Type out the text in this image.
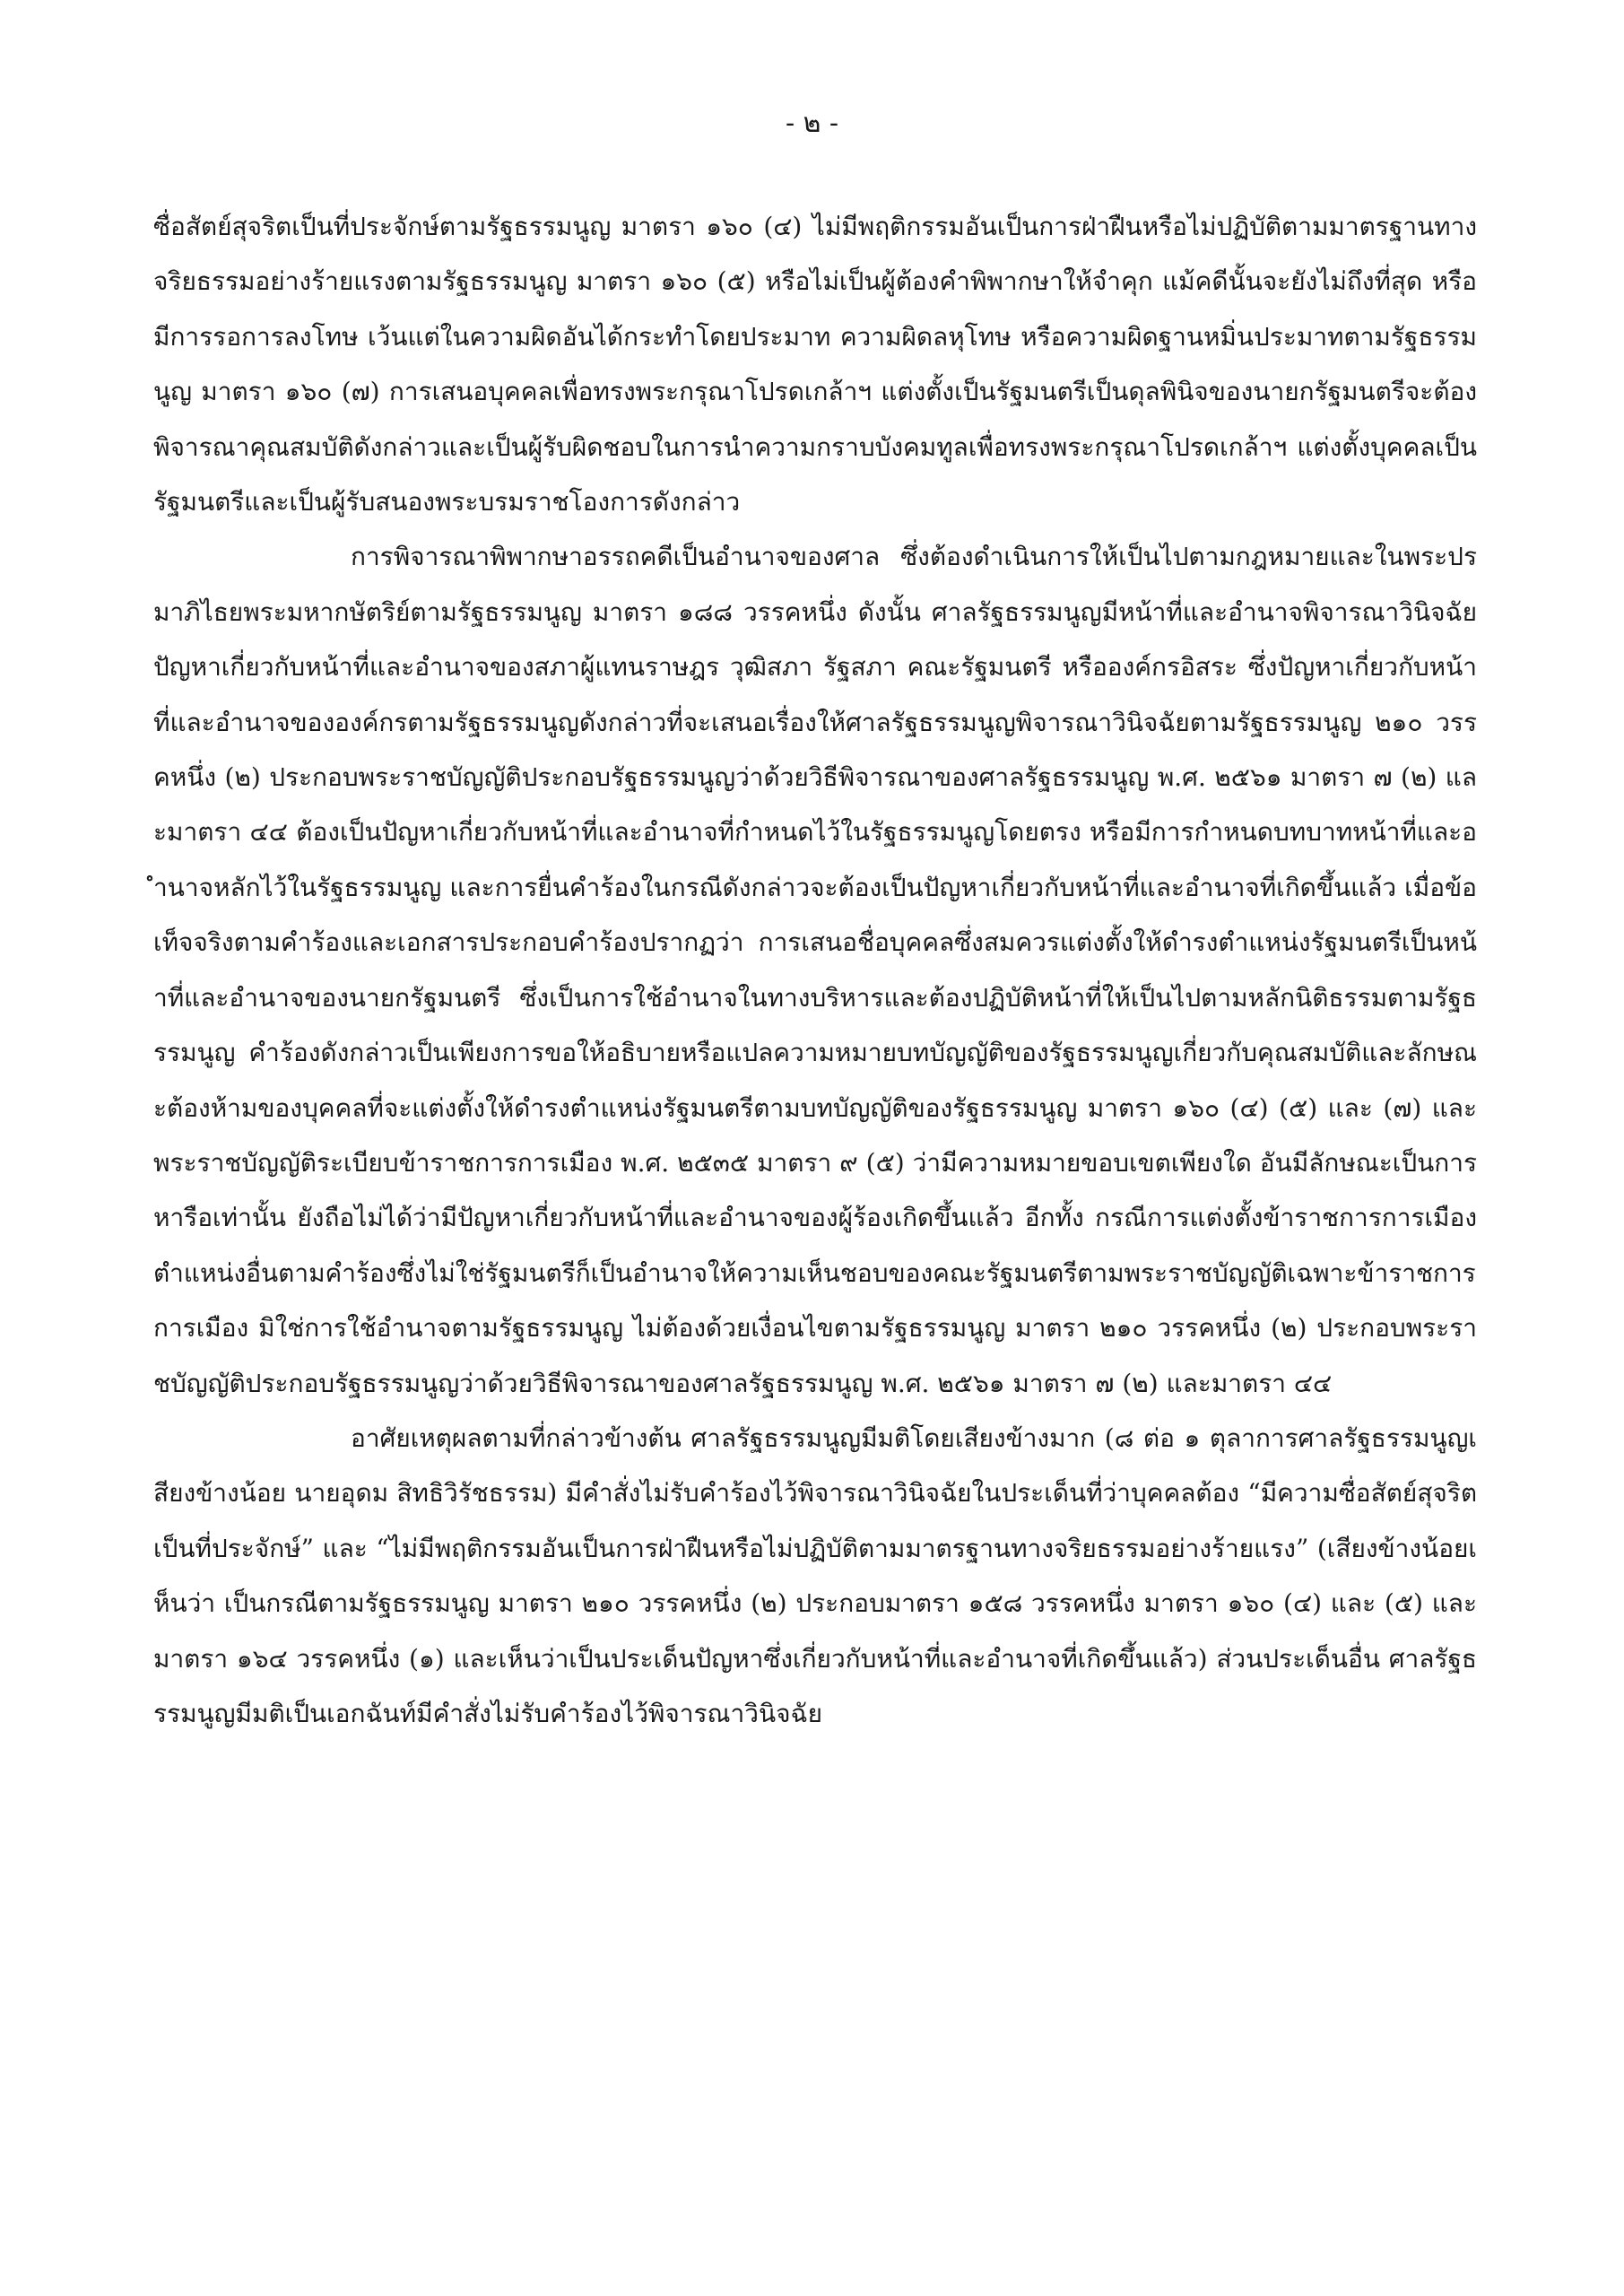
- ๒ -

ซื่อสัตย์สุจริตเป็นที่ประจักษ์ตามรัฐธรรมนูญ มาตรา ๑๖๐ (๔) ไม่มีพฤติกรรมอันเป็นการฝ่าฝืนหรือไม่ปฏิบัติตามมาตรฐานทางจริยธรรมอย่างร้ายแรงตามรัฐธรรมนูญ มาตรา ๑๖๐ (๕) หรือไม่เป็นผู้ต้องคำพิพากษาให้จำคุก แม้คดีนั้นจะยังไม่ถึงที่สุด หรือมีการรอการลงโทษ เว้นแต่ในความผิดอันได้กระทำโดยประมาท ความผิดลหุโทษ หรือความผิดฐานหมิ่นประมาทตามรัฐธรรมนูญ มาตรา ๑๖๐ (๗) การเสนอบุคคลเพื่อทรงพระกรุณาโปรดเกล้าฯ แต่งตั้งเป็นรัฐมนตรีเป็นดุลพินิจของนายกรัฐมนตรีจะต้องพิจารณาคุณสมบัติดังกล่าวและเป็นผู้รับผิดชอบในการนำความกราบบังคมทูลเพื่อทรงพระกรุณาโปรดเกล้าฯ แต่งตั้งบุคคลเป็นรัฐมนตรีและเป็นผู้รับสนองพระบรมราชโองการดังกล่าว

การพิจารณาพิพากษาอรรถคดีเป็นอำนาจของศาล ซึ่งต้องดำเนินการให้เป็นไปตามกฎหมายและในพระปรมาภิไธยพระมหากษัตริย์ตามรัฐธรรมนูญ มาตรา ๑๘๘ วรรคหนึ่ง ดังนั้น ศาลรัฐธรรมนูญมีหน้าที่และอำนาจพิจารณาวินิจฉัยปัญหาเกี่ยวกับหน้าที่และอำนาจของสภาผู้แทนราษฎร วุฒิสภา รัฐสภา คณะรัฐมนตรี หรือองค์กรอิสระ ซึ่งปัญหาเกี่ยวกับหน้าที่และอำนาจขององค์กรตามรัฐธรรมนูญดังกล่าวที่จะเสนอเรื่องให้ศาลรัฐธรรมนูญพิจารณาวินิจฉัยตามรัฐธรรมนูญ ๒๑๐ วรรคหนึ่ง (๒) ประกอบพระราชบัญญัติประกอบรัฐธรรมนูญว่าด้วยวิธีพิจารณาของศาลรัฐธรรมนูญ พ.ศ. ๒๕๖๑ มาตรา ๗ (๒) และมาตรา ๔๔ ต้องเป็นปัญหาเกี่ยวกับหน้าที่และอำนาจที่กำหนดไว้ในรัฐธรรมนูญโดยตรง หรือมีการกำหนดบทบาทหน้าที่และอำนาจหลักไว้ในรัฐธรรมนูญ และการยื่นคำร้องในกรณีดังกล่าวจะต้องเป็นปัญหาเกี่ยวกับหน้าที่และอำนาจที่เกิดขึ้นแล้ว เมื่อข้อเท็จจริงตามคำร้องและเอกสารประกอบคำร้องปรากฏว่า การเสนอชื่อบุคคลซึ่งสมควรแต่งตั้งให้ดำรงตำแหน่งรัฐมนตรีเป็นหน้าที่และอำนาจของนายกรัฐมนตรี ซึ่งเป็นการใช้อำนาจในทางบริหารและต้องปฏิบัติหน้าที่ให้เป็นไปตามหลักนิติธรรมตามรัฐธรรมนูญ คำร้องดังกล่าวเป็นเพียงการขอให้อธิบายหรือแปลความหมายบทบัญญัติของรัฐธรรมนูญเกี่ยวกับคุณสมบัติและลักษณะต้องห้ามของบุคคลที่จะแต่งตั้งให้ดำรงตำแหน่งรัฐมนตรีตามบทบัญญัติของรัฐธรรมนูญ มาตรา ๑๖๐ (๔) (๕) และ (๗) และพระราชบัญญัติระเบียบข้าราชการการเมือง พ.ศ. ๒๕๓๕ มาตรา ๙ (๕) ว่ามีความหมายขอบเขตเพียงใด อันมีลักษณะเป็นการหารือเท่านั้น ยังถือไม่ได้ว่ามีปัญหาเกี่ยวกับหน้าที่และอำนาจของผู้ร้องเกิดขึ้นแล้ว อีกทั้ง กรณีการแต่งตั้งข้าราชการการเมืองตำแหน่งอื่นตามคำร้องซึ่งไม่ใช่รัฐมนตรีก็เป็นอำนาจให้ความเห็นชอบของคณะรัฐมนตรีตามพระราชบัญญัติเฉพาะข้าราชการการเมือง มิใช่การใช้อำนาจตามรัฐธรรมนูญ ไม่ต้องด้วยเงื่อนไขตามรัฐธรรมนูญ มาตรา ๒๑๐ วรรคหนึ่ง (๒) ประกอบพระราชบัญญัติประกอบรัฐธรรมนูญว่าด้วยวิธีพิจารณาของศาลรัฐธรรมนูญ พ.ศ. ๒๕๖๑ มาตรา ๗ (๒) และมาตรา ๔๔

อาศัยเหตุผลตามที่กล่าวข้างต้น ศาลรัฐธรรมนูญมีมติโดยเสียงข้างมาก (๘ ต่อ ๑ ตุลาการศาลรัฐธรรมนูญเสียงข้างน้อย นายอุดม สิทธิวิรัชธรรม) มีคำสั่งไม่รับคำร้องไว้พิจารณาวินิจฉัยในประเด็นที่ว่าบุคคลต้อง “มีความซื่อสัตย์สุจริตเป็นที่ประจักษ์” และ “ไม่มีพฤติกรรมอันเป็นการฝ่าฝืนหรือไม่ปฏิบัติตามมาตรฐานทางจริยธรรมอย่างร้ายแรง” (เสียงข้างน้อยเห็นว่า เป็นกรณีตามรัฐธรรมนูญ มาตรา ๒๑๐ วรรคหนึ่ง (๒) ประกอบมาตรา ๑๕๘ วรรคหนึ่ง มาตรา ๑๖๐ (๔) และ (๕) และมาตรา ๑๖๔ วรรคหนึ่ง (๑) และเห็นว่าเป็นประเด็นปัญหาซึ่งเกี่ยวกับหน้าที่และอำนาจที่เกิดขึ้นแล้ว) ส่วนประเด็นอื่น ศาลรัฐธรรมนูญมีมติเป็นเอกฉันท์มีคำสั่งไม่รับคำร้องไว้พิจารณาวินิจฉัย
